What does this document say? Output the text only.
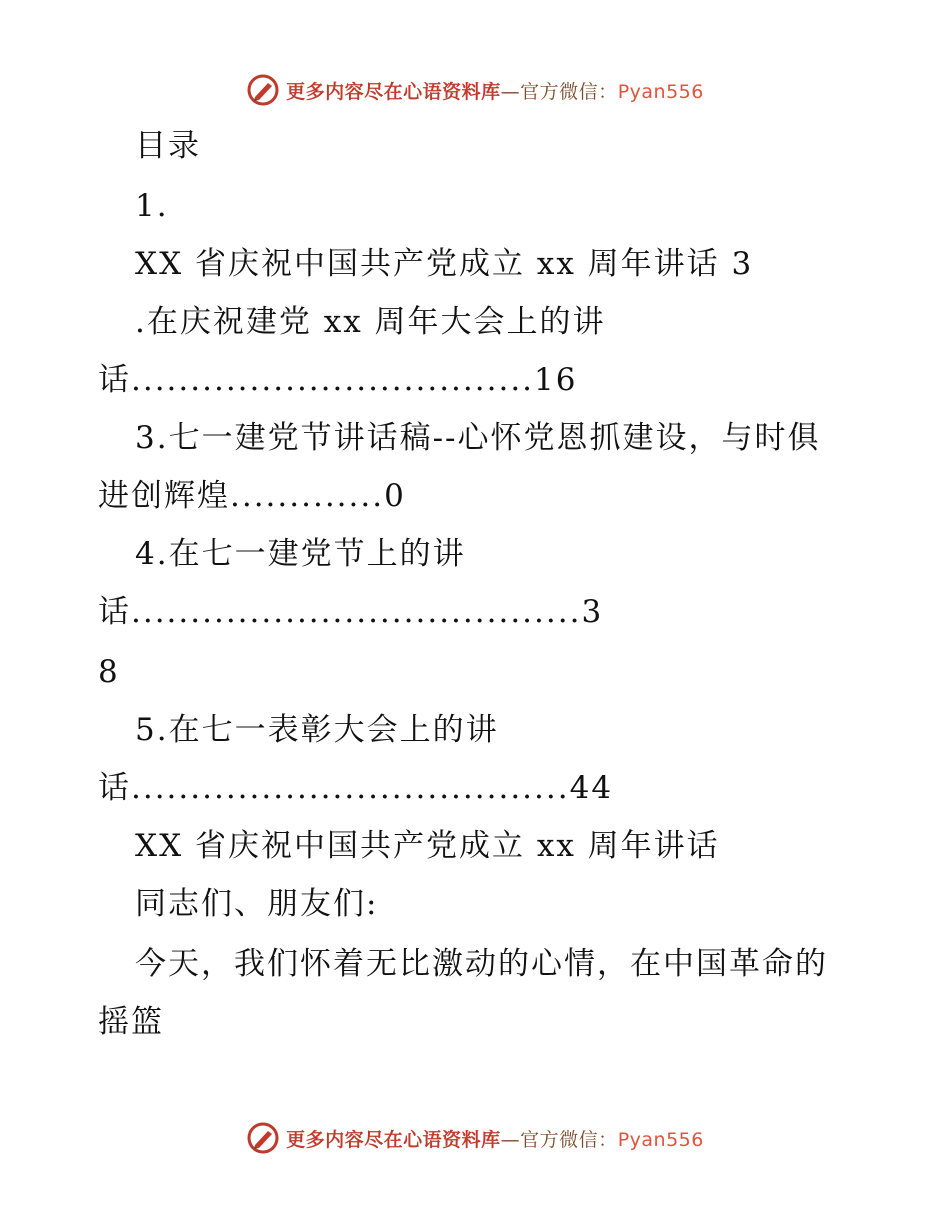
更多内容尽在心语资料库—官方微信：Pyan556
目录
1.
XX 省庆祝中国共产党成立 xx 周年讲话 3
.在庆祝建党 xx 周年大会上的讲
话..................................16
3.七一建党节讲话稿--心怀党恩抓建设，与时俱
进创辉煌.............0
4.在七一建党节上的讲
话......................................3
8
5.在七一表彰大会上的讲
话.....................................44
XX 省庆祝中国共产党成立 xx 周年讲话
同志们、朋友们:
今天，我们怀着无比激动的心情，在中国革命的
摇篮
更多内容尽在心语资料库—官方微信：Pyan556
